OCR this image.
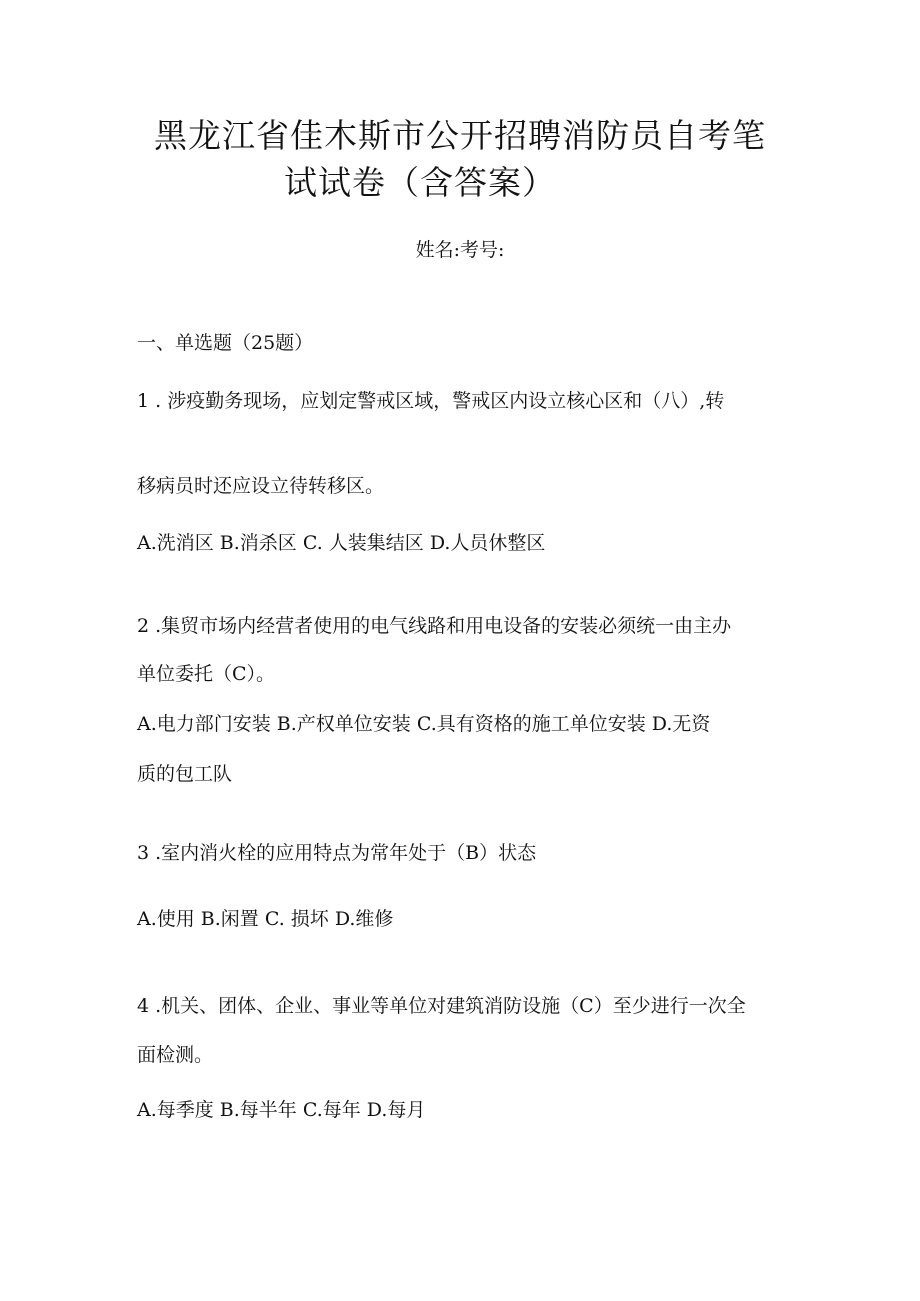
黑龙江省佳木斯市公开招聘消防员自考笔
试试卷（含答案）
姓名:考号:
一、单选题（25题）
1 . 涉疫勤务现场，应划定警戒区域，警戒区内设立核心区和（八）,转
移病员时还应设立待转移区。
A.洗消区 B.消杀区 C. 人装集结区 D.人员休整区
2 .集贸市场内经营者使用的电气线路和用电设备的安装必须统一由主办
单位委托（C）。
A.电力部门安装 B.产权单位安装 C.具有资格的施工单位安装 D.无资
质的包工队
3 .室内消火栓的应用特点为常年处于（B）状态
A.使用 B.闲置 C. 损坏 D.维修
4 .机关、团体、企业、事业等单位对建筑消防设施（C）至少进行一次全
面检测。
A.每季度 B.每半年 C.每年 D.每月
